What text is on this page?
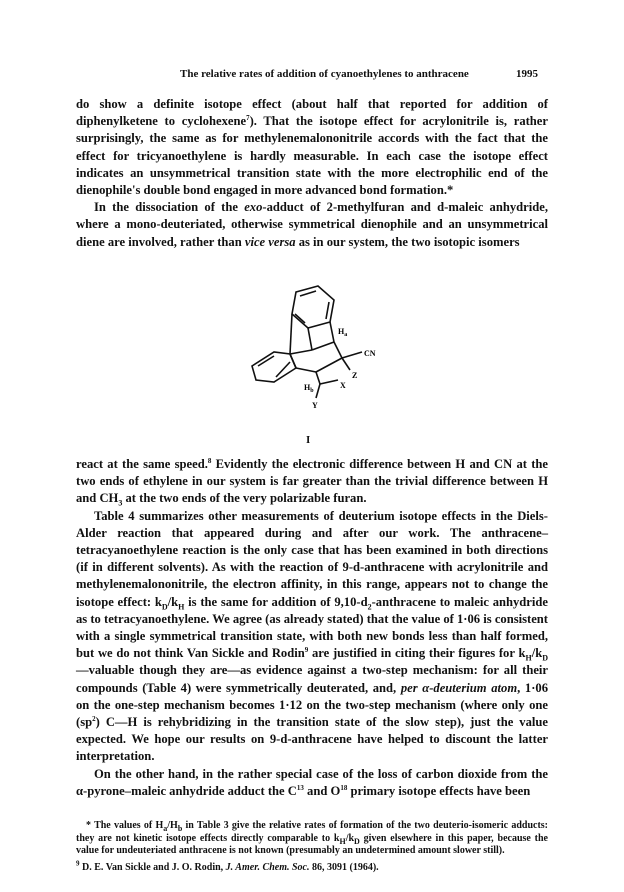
The relative rates of addition of cyanoethylenes to anthracene	1995

do show a definite isotope effect (about half that reported for addition of diphenylketene to cyclohexene$^7$). That the isotope effect for acrylonitrile is, rather surprisingly, the same as for methylenemalononitrile accords with the fact that the effect for tricyanoethylene is hardly measurable. In each case the isotope effect indicates an unsymmetrical transition state with the more electrophilic end of the dienophile's double bond engaged in more advanced bond formation.*

In the dissociation of the exo-adduct of 2-methylfuran and d-maleic anhydride, where a mono-deuteriated, otherwise symmetrical dienophile and an unsymmetrical diene are involved, rather than vice versa as in our system, the two isotopic isomers

$H_a$
CN
Z
$H_b$
X
Y
I

react at the same speed.$^8$ Evidently the electronic difference between H and CN at the two ends of ethylene in our system is far greater than the trivial difference between H and $CH_3$ at the two ends of the very polarizable furan.

Table 4 summarizes other measurements of deuterium isotope effects in the Diels-Alder reaction that appeared during and after our work. The anthracene–tetracyanoethylene reaction is the only case that has been examined in both directions (if in different solvents). As with the reaction of 9-d-anthracene with acrylonitrile and methylenemalononitrile, the electron affinity, in this range, appears not to change the isotope effect: $k_D/k_H$ is the same for addition of $9,10-d_2$-anthracene to maleic anhydride as to tetracyanoethylene. We agree (as already stated) that the value of 1·06 is consistent with a single symmetrical transition state, with both new bonds less than half formed, but we do not think Van Sickle and Rodin$^9$ are justified in citing their figures for $k_H/k_D—valuable$ though they are—as evidence against a two-step mechanism: for all their compounds (Table 4) were symmetrically deuterated, and, per α-deuterium atom, 1·06 on the one-step mechanism becomes 1·12 on the two-step mechanism (where only one $(sp^2)$ C—H is rehybridizing in the transition state of the slow step), just the value expected. We hope our results on 9-d-anthracene have helped to discount the latter interpretation.

On the other hand, in the rather special case of the loss of carbon dioxide from the α-pyrone–maleic anhydride adduct the $C^{13}$ and $O^{18}$ primary isotope effects have been

* The values of $H_a/H_b$ in Table 3 give the relative rates of formation of the two deuterio-isomeric adducts: they are not kinetic isotope effects directly comparable to $k_H/k_D$ given elsewhere in this paper, because the value for undeuteriated anthracene is not known (presumably an undetermined amount slower still).

$^9$ D. E. Van Sickle and J. O. Rodin, J. Amer. Chem. Soc. 86, 3091 (1964).
